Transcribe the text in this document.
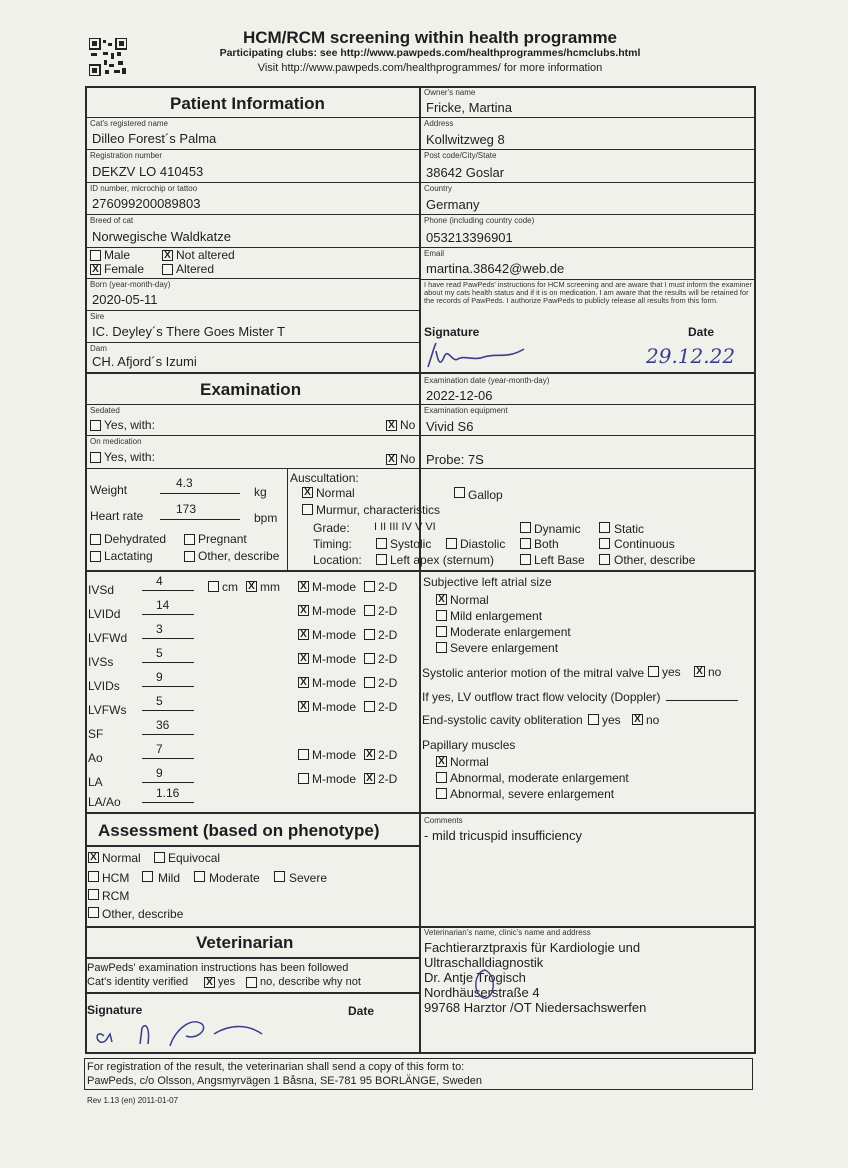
HCM/RCM screening within health programme
Participating clubs: see http://www.pawpeds.com/healthprogrammes/hcmclubs.html
Visit http://www.pawpeds.com/healthprogrammes/ for more information
Patient Information
Cat's registered name
Dilleo Forest´s Palma
Registration number
DEKZV LO 410453
ID number, microchip or tattoo
276099200089803
Breed of cat
Norwegische Waldkatze
Male	X Not altered
X Female	Altered
Born (year-month-day)
2020-05-11
Sire
IC. Deyley´s There Goes Mister T
Dam
CH. Afjord´s Izumi
Owner's name
Fricke, Martina
Address
Kollwitzweg 8
Post code/City/State
38642 Goslar
Country
Germany
Phone (including country code)
053213396901
Email
martina.38642@web.de
I have read PawPeds' instructions for HCM screening and are aware that I must inform the examiner about my cats health status and if it is on medication. I am aware that the results will be retained for the records of PawPeds. I authorize PawPeds to publicly release all results from this form.
Signature	Date
29.12.22
Examination	Examination date (year-month-day)
2022-12-06
Sedated
Yes, with:	X No
Examination equipment
Vivid S6
On medication
Yes, with:	X No Probe: 7S
Weight	4.3
kg
Heart rate	173
bpm
Dehydrated	Pregnant
Lactating	Other, describe
Auscultation:
X Normal	Gallop
Murmur, characteristics
Grade: I II III IV V VI	Dynamic	Static
Timing:	Systolic Diastolic Both	Continuous
Location: Left apex (sternum)	Left Base Other, describe
IVSd
4	X M-mode 2-D
cm X mm
LVIDd
14	X M-mode 2-D
LVFWd
3	X M-mode 2-D
IVSs
5	X M-mode 2-D
LVIDs
9	X M-mode 2-D
LVFWs
5	X M-mode 2-D
SF
36
Ao
7	M-mode X 2-D
LA
9	M-mode X 2-D
LA/Ao
1.16
Subjective left atrial size
X Normal
Mild enlargement
Moderate enlargement
Severe enlargement
Systolic anterior motion of the mitral valve yes X no
If yes, LV outflow tract flow velocity (Doppler)
End-systolic cavity obliteration yes X no
Papillary muscles
X Normal
Abnormal, moderate enlargement
Abnormal, severe enlargement
Assessment (based on phenotype)
X Normal Equivocal
HCM Mild Moderate Severe
RCM
Other, describe
Comments
- mild tricuspid insufficiency
Veterinarian
PawPeds' examination instructions has been followed
Cat's identity verified X yes no, describe why not
Signature	Date
Veterinarian's name, clinic's name and address
Fachtierarztpraxis für Kardiologie und
Ultraschalldiagnostik
Dr. Antje Trogisch
Nordhäuserstraße 4
99768 Harztor /OT Niedersachswerfen
For registration of the result, the veterinarian shall send a copy of this form to:
PawPeds, c/o Olsson, Angsmyrvägen 1 Båsna, SE-781 95 BORLÄNGE, Sweden
Rev 1.13 (en) 2011-01-07
